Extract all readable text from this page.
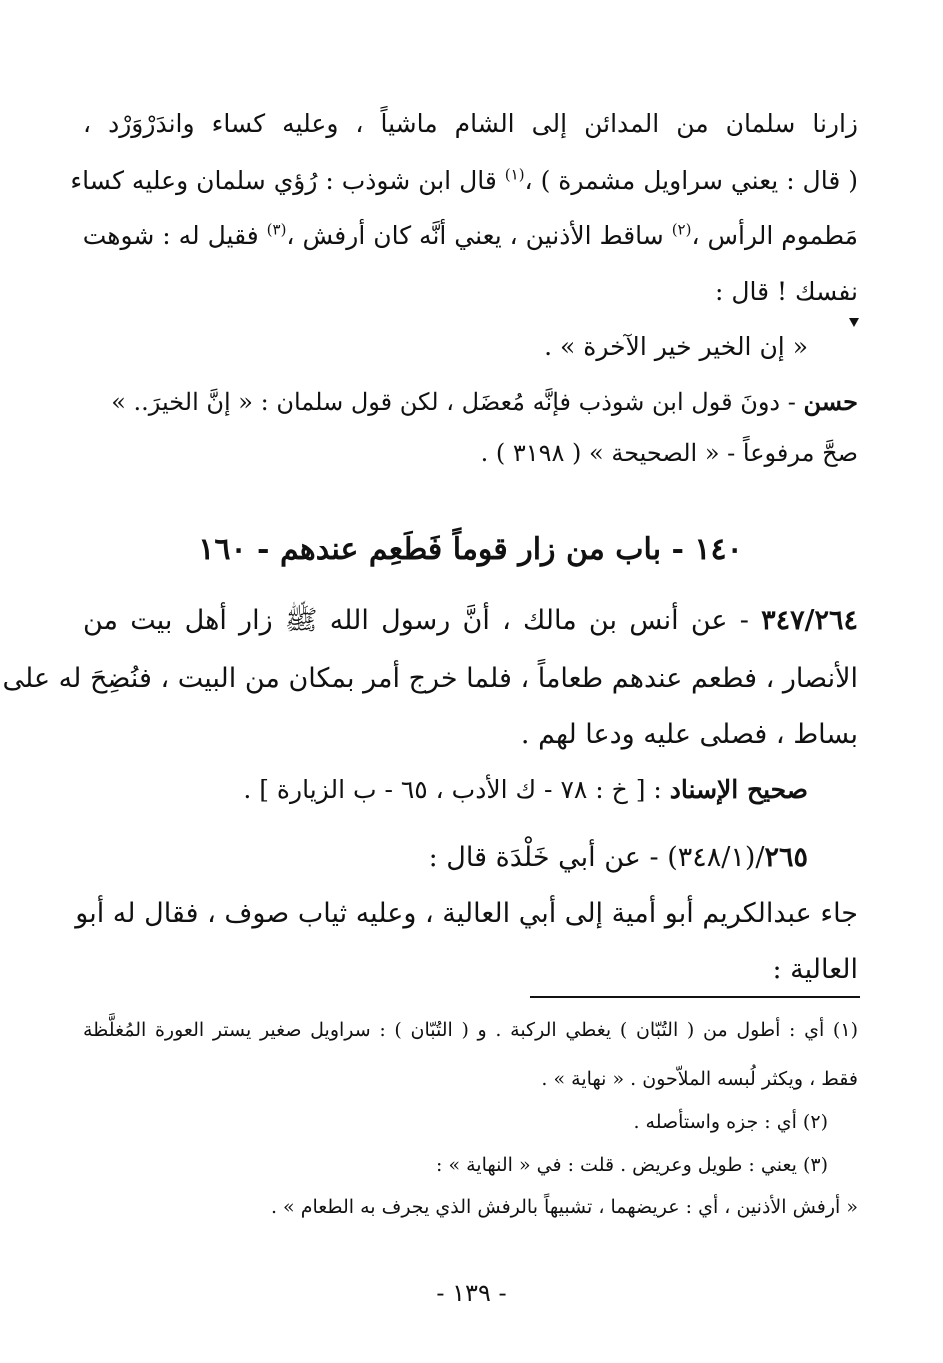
زارنا سلمان من المدائن إلى الشام ماشياً ، وعليه كساء واندَرْوَرْد ،
( قال : يعني سراويل مشمرة ) ،$^{(١)}$ قال ابن شوذب : رُؤي سلمان وعليه كساء
مَطموم الرأس ،$^{(٢)}$ ساقط الأذنين ، يعني أنَّه كان أرفش ،$^{(٣)}$ فقيل له : شوهت
نفسك ! قال :
« إن الخير خير الآخرة » .
حسن - دونَ قول ابن شوذب فإنَّه مُعضَل ، لكن قول سلمان : « إنَّ الخيرَ.. »
صحَّ مرفوعاً - « الصحيحة » ( ٣١٩٨ ) .
١٤٠ - باب من زار قوماً فَطَعِم عندهم - ١٦٠
٣٤٧/٢٦٤ - عن أنس بن مالك ، أنَّ رسول الله ﷺ زار أهل بيت من
الأنصار ، فطعم عندهم طعاماً ، فلما خرج أمر بمكان من البيت ، فنُضِحَ له على
بساط ، فصلى عليه ودعا لهم .
صحيح الإسناد : [ خ : ٧٨ - ك الأدب ، ٦٥ - ب الزيارة ] .
٢٦٥/(٣٤٨/١) - عن أبي خَلْدَة قال :
جاء عبدالكريم أبو أمية إلى أبي العالية ، وعليه ثياب صوف ، فقال له أبو
العالية :
(١) أي : أطول من ( التُبّان ) يغطي الركبة . و ( التُبّان ) : سراويل صغير يستر العورة المُغلَّظة
فقط ، ويكثر لُبسه الملاّحون . « نهاية » .
(٢) أي : جزه واستأصله .
(٣) يعني : طويل وعريض . قلت : في « النهاية » :
« أرفش الأذنين ، أي : عريضهما ، تشبيهاً بالرفش الذي يجرف به الطعام » .
- ١٣٩ -
